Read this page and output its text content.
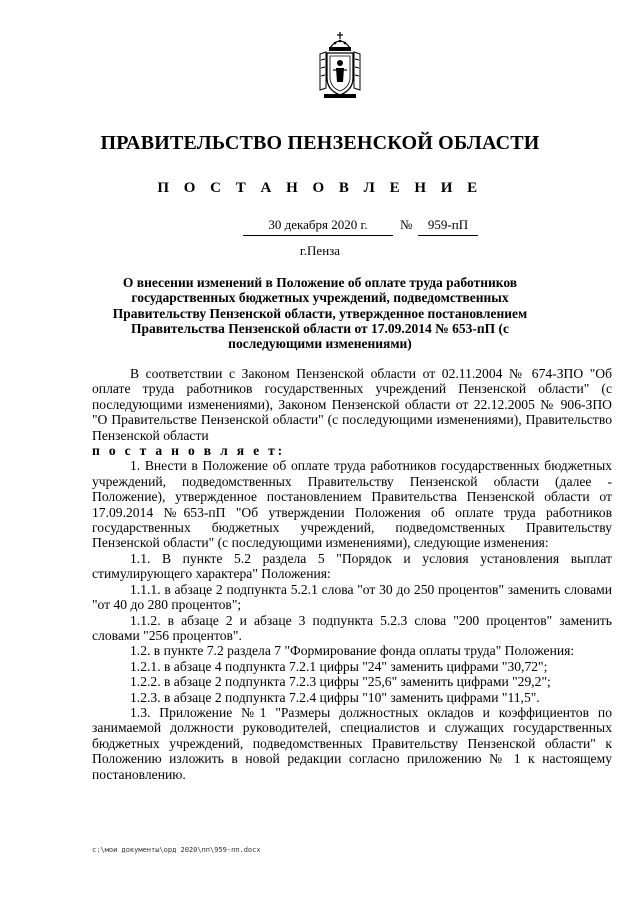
ПРАВИТЕЛЬСТВО ПЕНЗЕНСКОЙ ОБЛАСТИ
П О С Т А Н О В Л Е Н И Е
30 декабря 2020 г.	№	959-пП
г.Пенза
О внесении изменений в Положение об оплате труда работников государственных бюджетных учреждений, подведомственных Правительству Пензенской области, утвержденное постановлением Правительства Пензенской области от 17.09.2014 № 653-пП (с последующими изменениями)

В соответствии с Законом Пензенской области от 02.11.2004 № 674-ЗПО "Об оплате труда работников государственных учреждений Пензенской области" (с последующими изменениями), Законом Пензенской области от 22.12.2005 № 906-ЗПО "О Правительстве Пензенской области" (с последующими изменениями), Правительство Пензенской области

п о с т а н о в л я е т:

1. Внести в Положение об оплате труда работников государственных бюджетных учреждений, подведомственных Правительству Пензенской области (далее - Положение), утвержденное постановлением Правительства Пензенской области от 17.09.2014 №653-пП "Об утверждении Положения об оплате труда работников государственных бюджетных учреждений, подведомственных Правительству Пензенской области" (с последующими изменениями), следующие изменения:

1.1. В пункте 5.2 раздела 5 "Порядок и условия установления выплат стимулирующего характера" Положения:

1.1.1. в абзаце 2 подпункта 5.2.1 слова "от 30 до 250 процентов" заменить словами "от 40 до 280 процентов";

1.1.2. в абзаце 2 и абзаце 3 подпункта 5.2.3 слова "200 процентов" заменить словами "256 процентов".

1.2. в пункте 7.2 раздела 7 "Формирование фонда оплаты труда" Положения:

1.2.1. в абзаце 4 подпункта 7.2.1 цифры "24" заменить цифрами "30,72";

1.2.2. в абзаце 2 подпункта 7.2.3 цифры "25,6" заменить цифрами "29,2";

1.2.3. в абзаце 2 подпункта 7.2.4 цифры "10" заменить цифрами "11,5".

1.3. Приложение №1 "Размеры должностных окладов и коэффициентов по занимаемой должности руководителей, специалистов и служащих государственных бюджетных учреждений, подведомственных Правительству Пензенской области" к Положению изложить в новой редакции согласно приложению № 1 к настоящему постановлению.

c:\мои документы\орд 2020\пп\959-пп.docx
